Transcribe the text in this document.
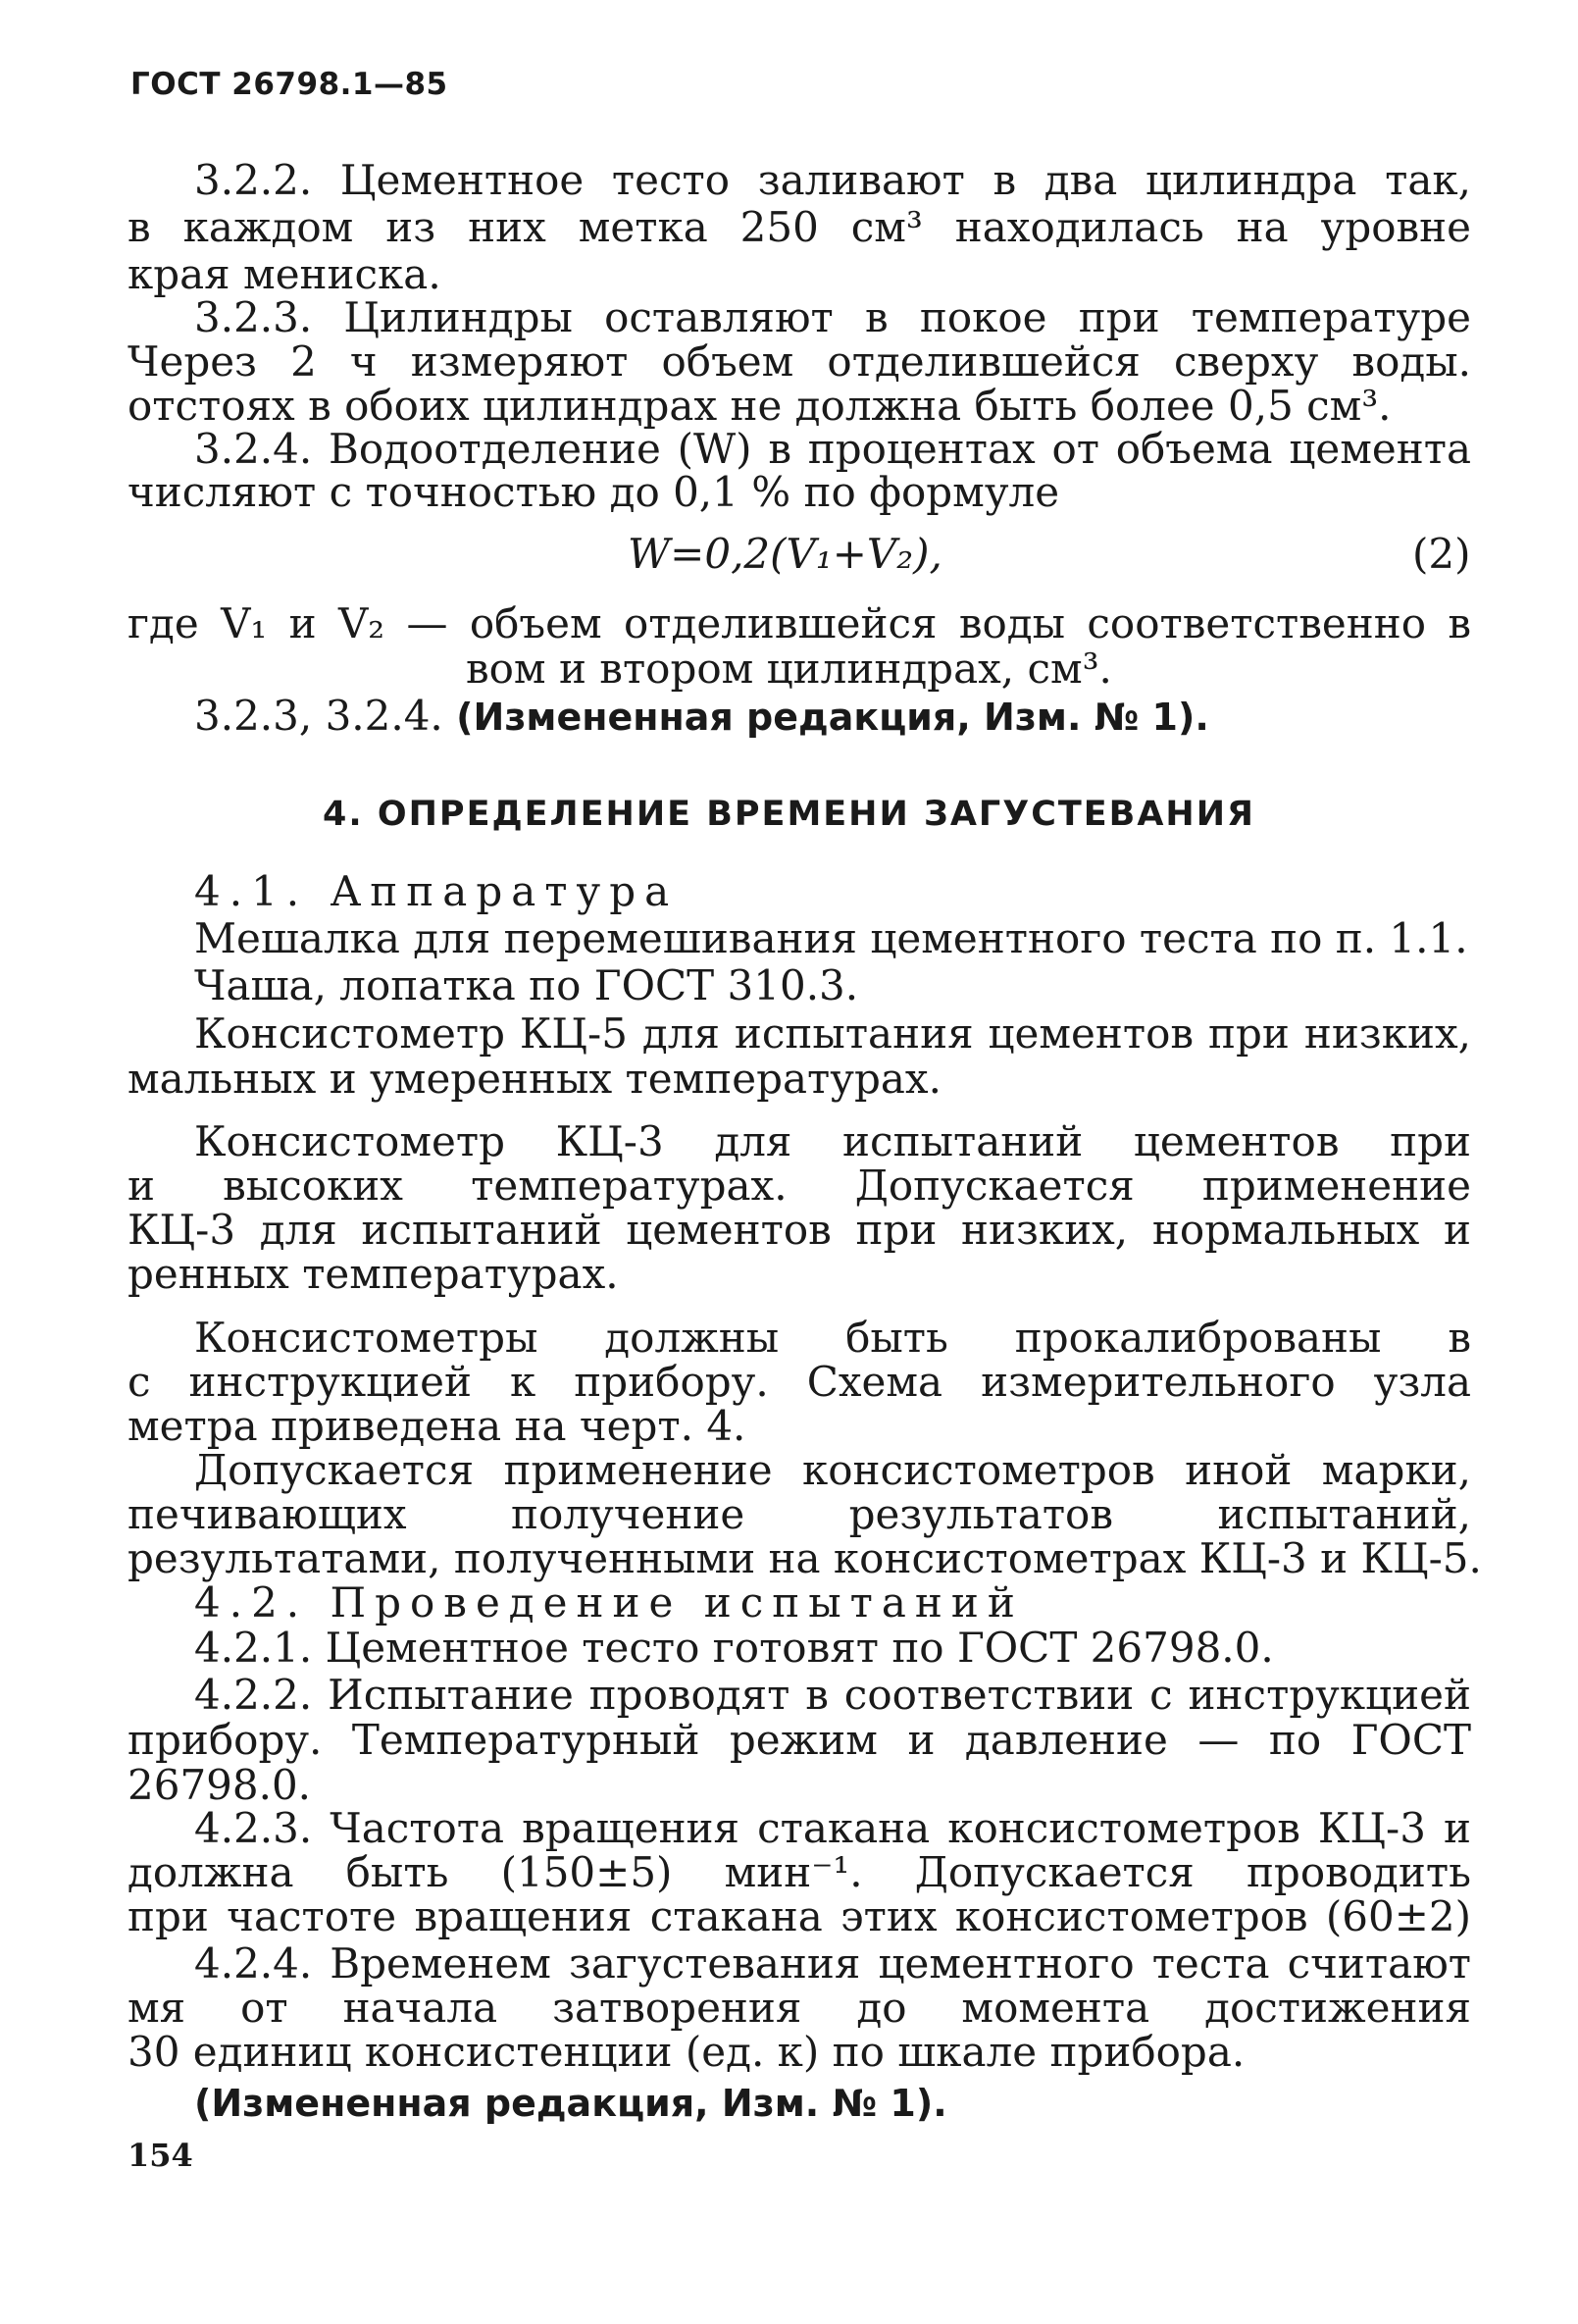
ГОСТ 26798.1—85
3.2.2. Цементное тесто заливают в два цилиндра так,
в каждом из них метка 250 см³ находилась на уровне
края мениска.
3.2.3. Цилиндры оставляют в покое при температуре
Через 2 ч измеряют объем отделившейся сверху воды.
отстоях в обоих цилиндрах не должна быть более 0,5 см³.
3.2.4. Водоотделение (W) в процентах от объема цемента
числяют с точностью до 0,1 % по формуле
W=0,2(V₁+V₂),	(2)
где V₁ и V₂ — объем отделившейся воды соответственно в
вом и втором цилиндрах, см³.
3.2.3, 3.2.4. (Измененная редакция, Изм. № 1).
4. ОПРЕДЕЛЕНИЕ ВРЕМЕНИ ЗАГУСТЕВАНИЯ
4.1. Аппаратура
Мешалка для перемешивания цементного теста по п. 1.1.
Чаша, лопатка по ГОСТ 310.3.
Консистометр КЦ-5 для испытания цементов при низких,
мальных и умеренных температурах.
Консистометр КЦ-3 для испытаний цементов при
и высоких температурах. Допускается применение
КЦ-3 для испытаний цементов при низких, нормальных и
ренных температурах.
Консистометры должны быть прокалиброваны в
с инструкцией к прибору. Схема измерительного узла
метра приведена на черт. 4.
Допускается применение консистометров иной марки,
печивающих получение результатов испытаний,
результатами, полученными на консистометрах КЦ-3 и КЦ-5.
4.2. Проведение испытаний
4.2.1. Цементное тесто готовят по ГОСТ 26798.0.
4.2.2. Испытание проводят в соответствии с инструкцией
прибору. Температурный режим и давление — по ГОСТ
26798.0.
4.2.3. Частота вращения стакана консистометров КЦ-3 и
должна быть (150±5) мин⁻¹. Допускается проводить
при частоте вращения стакана этих консистометров (60±2)
4.2.4. Временем загустевания цементного теста считают
мя от начала затворения до момента достижения
30 единиц консистенции (ед. к) по шкале прибора.
(Измененная редакция, Изм. № 1).
154
